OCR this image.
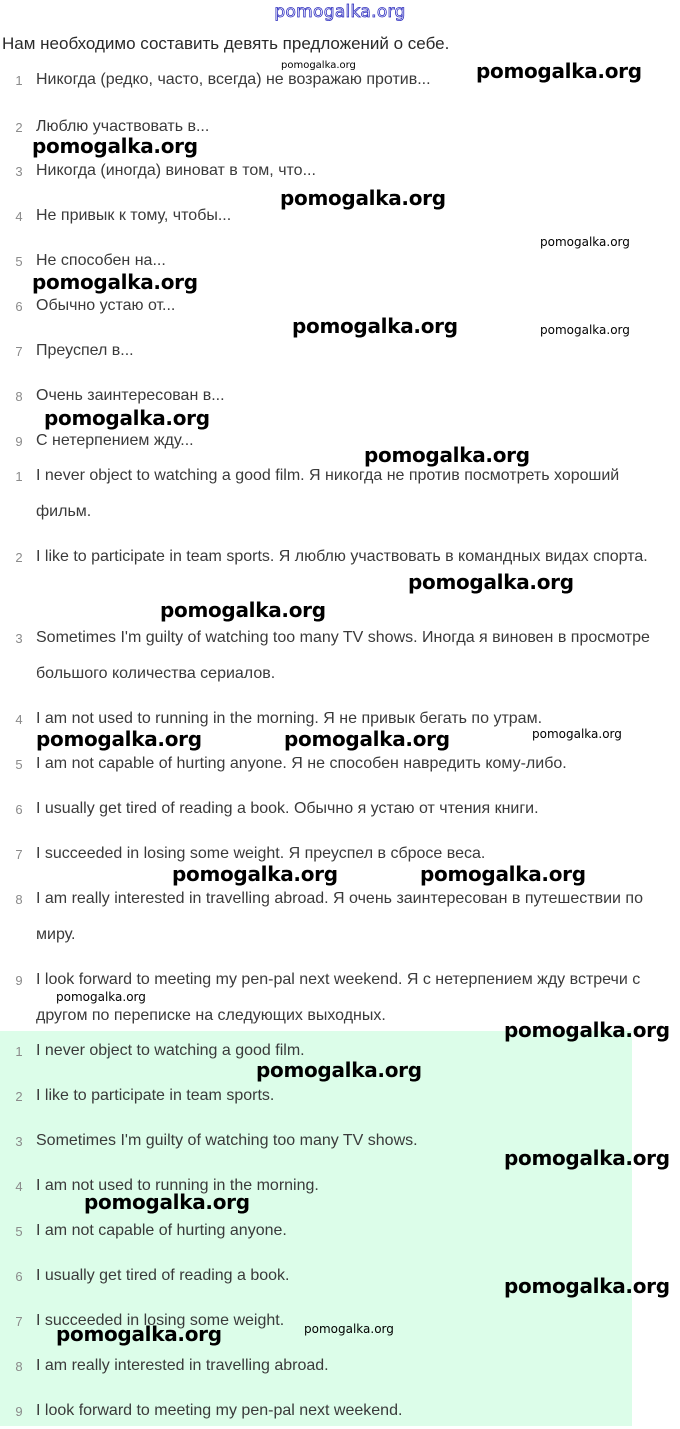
pomogalka.org
Нам необходимо составить девять предложений о себе.
1 Никогда (редко, часто, всегда) не возражаю против...
2 Люблю участвовать в...
3 Никогда (иногда) виноват в том, что...
4 Не привык к тому, чтобы...
5 Не способен на...
6 Обычно устаю от...
7 Преуспел в...
8 Очень заинтересован в...
9 С нетерпением жду...
1 I never object to watching a good film. Я никогда не против посмотреть хороший фильм.
2 I like to participate in team sports. Я люблю участвовать в командных видах спорта.
3 Sometimes I'm guilty of watching too many TV shows. Иногда я виновен в просмотре большого количества сериалов.
4 I am not used to running in the morning. Я не привык бегать по утрам.
5 I am not capable of hurting anyone. Я не способен навредить кому-либо.
6 I usually get tired of reading a book. Обычно я устаю от чтения книги.
7 I succeeded in losing some weight. Я преуспел в сбросе веса.
8 I am really interested in travelling abroad. Я очень заинтересован в путешествии по миру.
9 I look forward to meeting my pen-pal next weekend. Я с нетерпением жду встречи с другом по переписке на следующих выходных.
1 I never object to watching a good film.
2 I like to participate in team sports.
3 Sometimes I'm guilty of watching too many TV shows.
4 I am not used to running in the morning.
5 I am not capable of hurting anyone.
6 I usually get tired of reading a book.
7 I succeeded in losing some weight.
8 I am really interested in travelling abroad.
9 I look forward to meeting my pen-pal next weekend.
pomogalka.org	pomogalka.org
pomogalka.org
pomogalka.org
pomogalka.org
pomogalka.org
pomogalka.org	pomogalka.org
pomogalka.org
pomogalka.org
pomogalka.org
pomogalka.org
pomogalka.org	pomogalka.org	pomogalka.org
pomogalka.org	pomogalka.org
pomogalka.org
pomogalka.org
pomogalka.org
pomogalka.org
pomogalka.org
pomogalka.org
pomogalka.org	pomogalka.org
